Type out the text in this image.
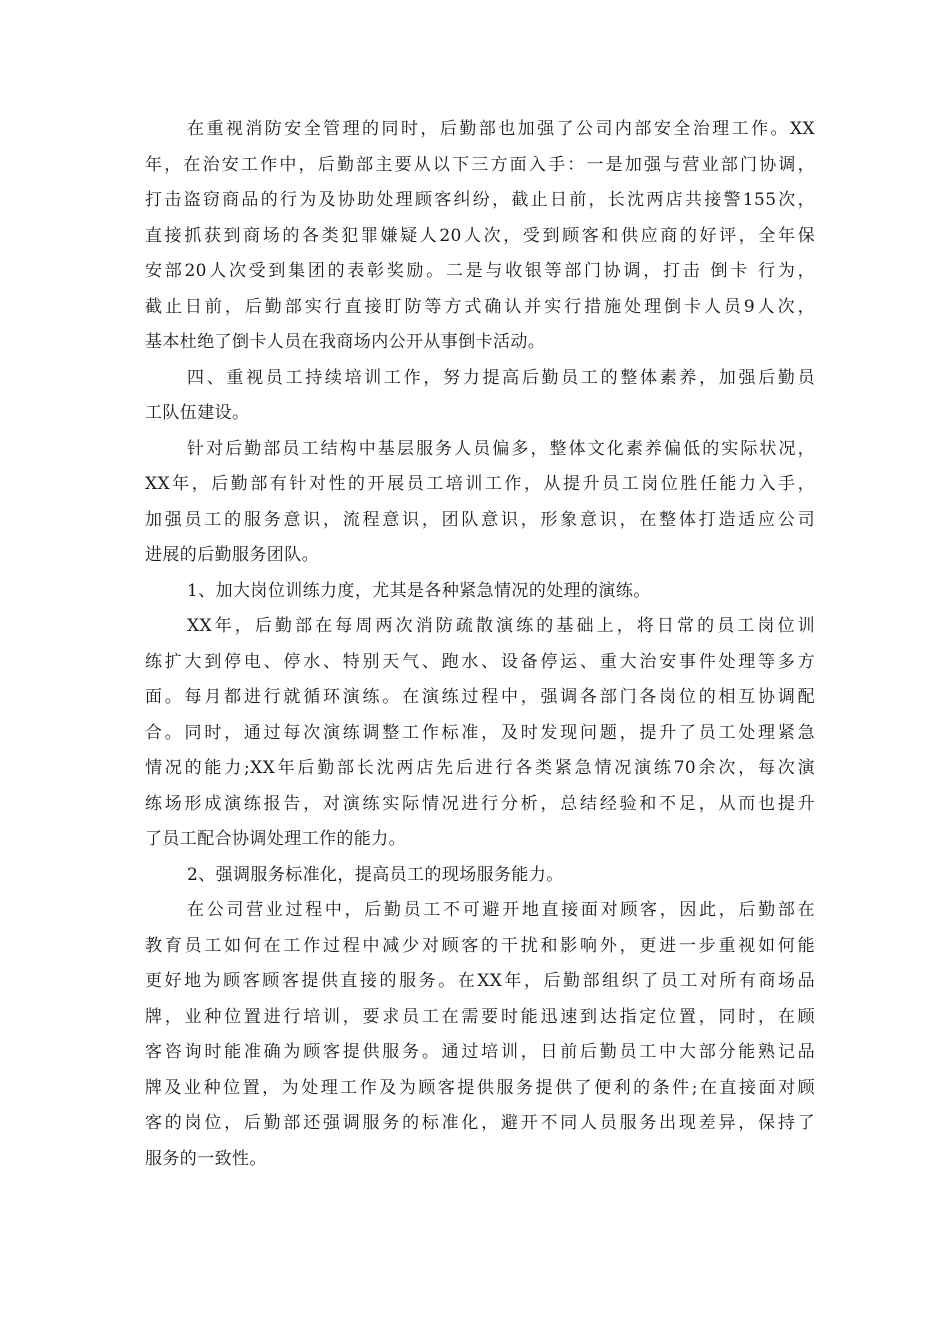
在重视消防安全管理的同时，后勤部也加强了公司内部安全治理工作。XX
年，在治安工作中，后勤部主要从以下三方面入手：一是加强与营业部门协调，
打击盗窃商品的行为及协助处理顾客纠纷，截止日前，长沈两店共接警155次，
直接抓获到商场的各类犯罪嫌疑人20人次，受到顾客和供应商的好评，全年保
安部20人次受到集团的表彰奖励。二是与收银等部门协调，打击 倒卡 行为，
截止日前，后勤部实行直接盯防等方式确认并实行措施处理倒卡人员9人次，
基本杜绝了倒卡人员在我商场内公开从事倒卡活动。
四、重视员工持续培训工作，努力提高后勤员工的整体素养，加强后勤员
工队伍建设。
针对后勤部员工结构中基层服务人员偏多，整体文化素养偏低的实际状况，
XX年，后勤部有针对性的开展员工培训工作，从提升员工岗位胜任能力入手，
加强员工的服务意识，流程意识，团队意识，形象意识，在整体打造适应公司
进展的后勤服务团队。
1、加大岗位训练力度，尤其是各种紧急情况的处理的演练。
XX年，后勤部在每周两次消防疏散演练的基础上，将日常的员工岗位训
练扩大到停电、停水、特别天气、跑水、设备停运、重大治安事件处理等多方
面。每月都进行就循环演练。在演练过程中，强调各部门各岗位的相互协调配
合。同时，通过每次演练调整工作标准，及时发现问题，提升了员工处理紧急
情况的能力;XX年后勤部长沈两店先后进行各类紧急情况演练70余次，每次演
练场形成演练报告，对演练实际情况进行分析，总结经验和不足，从而也提升
了员工配合协调处理工作的能力。
2、强调服务标准化，提高员工的现场服务能力。
在公司营业过程中，后勤员工不可避开地直接面对顾客，因此，后勤部在
教育员工如何在工作过程中减少对顾客的干扰和影响外，更进一步重视如何能
更好地为顾客顾客提供直接的服务。在XX年，后勤部组织了员工对所有商场品
牌，业种位置进行培训，要求员工在需要时能迅速到达指定位置，同时，在顾
客咨询时能准确为顾客提供服务。通过培训，日前后勤员工中大部分能熟记品
牌及业种位置，为处理工作及为顾客提供服务提供了便利的条件;在直接面对顾
客的岗位，后勤部还强调服务的标准化，避开不同人员服务出现差异，保持了
服务的一致性。
